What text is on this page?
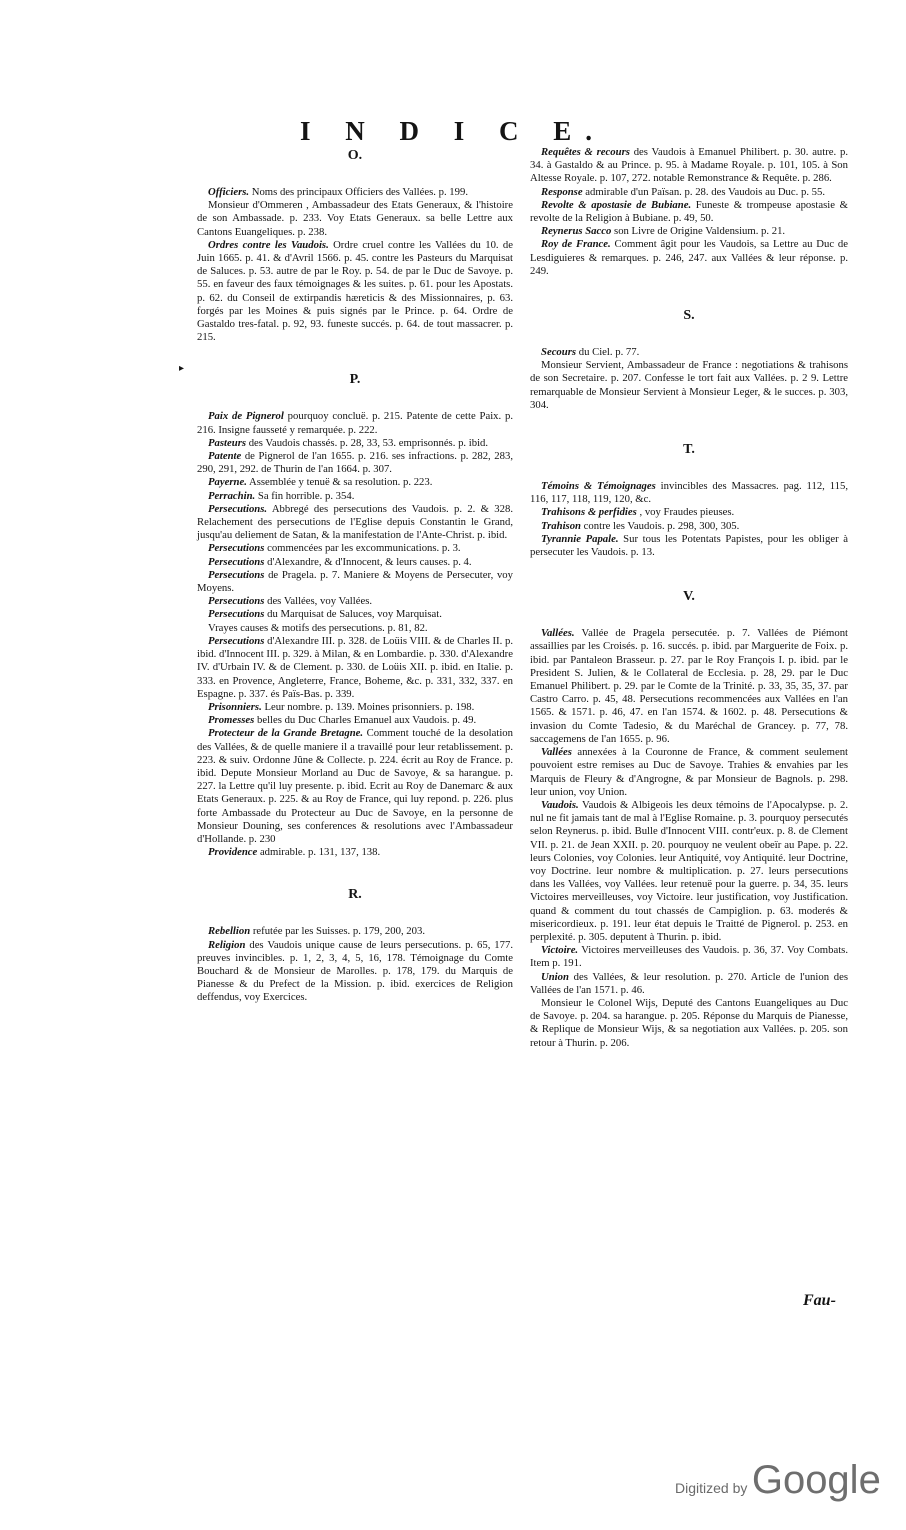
I N D I C E.

O.

Officiers. Noms des principaux Officiers des Vallées. p. 199.

Monsieur d'Ommeren , Ambassadeur des Etats Generaux, & l'histoire de son Ambassade. p. 233. Voy Etats Generaux. sa belle Lettre aux Cantons Euangeliques. p. 238.

Ordres contre les Vaudois. Ordre cruel contre les Vallées du 10. de Juin 1665. p. 41. & d'Avril 1566. p. 45. contre les Pasteurs du Marquisat de Saluces. p. 53. autre de par le Roy. p. 54. de par le Duc de Savoye. p. 55. en faveur des faux témoignages & les suites. p. 61. pour les Apostats. p. 62. du Conseil de extirpandis hæreticis & des Missionnaires, p. 63. forgés par les Moines & puis signés par le Prince. p. 64. Ordre de Gastaldo tres-fatal. p. 92, 93. funeste succés. p. 64. de tout massacrer. p. 215.

P.

Paix de Pignerol pourquoy concluë. p. 215. Patente de cette Paix. p. 216. Insigne fausseté y remarquée. p. 222.

Pasteurs des Vaudois chassés. p. 28, 33, 53. emprisonnés. p. ibid.

Patente de Pignerol de l'an 1655. p. 216. ses infractions. p. 282, 283, 290, 291, 292. de Thurin de l'an 1664. p. 307.

Payerne. Assemblée y tenuë & sa resolution. p. 223.

Perrachin. Sa fin horrible. p. 354.

Persecutions. Abbregé des persecutions des Vaudois. p. 2. & 328. Relachement des persecutions de l'Eglise depuis Constantin le Grand, jusqu'au deliement de Satan, & la manifestation de l'Ante-Christ. p. ibid.

Persecutions commencées par les excommunications. p. 3.

Persecutions d'Alexandre, & d'Innocent, & leurs causes. p. 4.

Persecutions de Pragela. p. 7. Maniere & Moyens de Persecuter, voy Moyens.

Persecutions des Vallées, voy Vallées.

Persecutions du Marquisat de Saluces, voy Marquisat.

Vrayes causes & motifs des persecutions. p. 81, 82.

Persecutions d'Alexandre III. p. 328. de Loüis VIII. & de Charles II. p. ibid. d'Innocent III. p. 329. à Milan, & en Lombardie. p. 330. d'Alexandre IV. d'Urbain IV. & de Clement. p. 330. de Loüis XII. p. ibid. en Italie. p. 333. en Provence, Angleterre, France, Boheme, &c. p. 331, 332, 337. en Espagne. p. 337. és Païs-Bas. p. 339.

Prisonniers. Leur nombre. p. 139. Moines prisonniers. p. 198.

Promesses belles du Duc Charles Emanuel aux Vaudois. p. 49.

Protecteur de la Grande Bretagne. Comment touché de la desolation des Vallées, & de quelle maniere il a travaillé pour leur retablissement. p. 223. & suiv. Ordonne Jûne & Collecte. p. 224. écrit au Roy de France. p. ibid. Depute Monsieur Morland au Duc de Savoye, & sa harangue. p. 227. la Lettre qu'il luy presente. p. ibid. Ecrit au Roy de Danemarc & aux Etats Generaux. p. 225. & au Roy de France, qui luy repond. p. 226. plus forte Ambassade du Protecteur au Duc de Savoye, en la personne de Monsieur Douning, ses conferences & resolutions avec l'Ambassadeur d'Hollande. p. 230

Providence admirable. p. 131, 137, 138.

R.

Rebellion refutée par les Suisses. p. 179, 200, 203.

Religion des Vaudois unique cause de leurs persecutions. p. 65, 177. preuves invincibles. p. 1, 2, 3, 4, 5, 16, 178. Témoignage du Comte Bouchard & de Monsieur de Marolles. p. 178, 179. du Marquis de Pianesse & du Prefect de la Mission. p. ibid. exercices de Religion deffendus, voy Exercices.

Requêtes & recours des Vaudois à Emanuel Philibert. p. 30. autre. p. 34. à Gastaldo & au Prince. p. 95. à Madame Royale. p. 101, 105. à Son Altesse Royale. p. 107, 272. notable Remonstrance & Requête. p. 286.

Response admirable d'un Païsan. p. 28. des Vaudois au Duc. p. 55.

Revolte & apostasie de Bubiane. Funeste & trompeuse apostasie & revolte de la Religion à Bubiane. p. 49, 50.

Reynerus Sacco son Livre de Origine Valdensium. p. 21.

Roy de France. Comment âgit pour les Vaudois, sa Lettre au Duc de Lesdiguieres & remarques. p. 246, 247. aux Vallées & leur réponse. p. 249.

S.

Secours du Ciel. p. 77.

Monsieur Servient, Ambassadeur de France : negotiations & trahisons de son Secretaire. p. 207. Confesse le tort fait aux Vallées. p. 2 9. Lettre remarquable de Monsieur Servient à Monsieur Leger, & le succes. p. 303, 304.

T.

Témoins & Témoignages invincibles des Massacres. pag. 112, 115, 116, 117, 118, 119, 120, &c.

Trahisons & perfidies , voy Fraudes pieuses.

Trahison contre les Vaudois. p. 298, 300, 305.

Tyrannie Papale. Sur tous les Potentats Papistes, pour les obliger à persecuter les Vaudois. p. 13.

V.

Vallées. Vallée de Pragela persecutée. p. 7. Vallées de Piémont assaillies par les Croisés. p. 16. succés. p. ibid. par Marguerite de Foix. p. ibid. par Pantaleon Brasseur. p. 27. par le Roy François I. p. ibid. par le President S. Julien, & le Collateral de Ecclesia. p. 28, 29. par le Duc Emanuel Philibert. p. 29. par le Comte de la Trinité. p. 33, 35, 35, 37. par Castro Carro. p. 45, 48. Persecutions recommencées aux Vallées en l'an 1565. & 1571. p. 46, 47. en l'an 1574. & 1602. p. 48. Persecutions & invasion du Comte Tadesio, & du Maréchal de Grancey. p. 77, 78. saccagemens de l'an 1655. p. 96.

Vallées annexées à la Couronne de France, & comment seulement pouvoient estre remises au Duc de Savoye. Trahies & envahies par les Marquis de Fleury & d'Angrogne, & par Monsieur de Bagnols. p. 298. leur union, voy Union.

Vaudois. Vaudois & Albigeois les deux témoins de l'Apocalypse. p. 2. nul ne fit jamais tant de mal à l'Eglise Romaine. p. 3. pourquoy persecutés selon Reynerus. p. ibid. Bulle d'Innocent VIII. contr'eux. p. 8. de Clement VII. p. 21. de Jean XXII. p. 20. pourquoy ne veulent obeïr au Pape. p. 22. leurs Colonies, voy Colonies. leur Antiquité, voy Antiquité. leur Doctrine, voy Doctrine. leur nombre & multiplication. p. 27. leurs persecutions dans les Vallées, voy Vallées. leur retenuë pour la guerre. p. 34, 35. leurs Victoires merveilleuses, voy Victoire. leur justification, voy Justification. quand & comment du tout chassés de Campiglion. p. 63. moderés & misericordieux. p. 191. leur état depuis le Traitté de Pignerol. p. 253. en perplexité. p. 305. deputent à Thurin. p. ibid.

Victoire. Victoires merveilleuses des Vaudois. p. 36, 37. Voy Combats. Item p. 191.

Union des Vallées, & leur resolution. p. 270. Article de l'union des Vallées de l'an 1571. p. 46.

Monsieur le Colonel Wijs, Deputé des Cantons Euangeliques au Duc de Savoye. p. 204. sa harangue. p. 205. Réponse du Marquis de Pianesse, & Replique de Monsieur Wijs, & sa negotiation aux Vallées. p. 205. son retour à Thurin. p. 206.

▸
Fau-
Digitized by Google
